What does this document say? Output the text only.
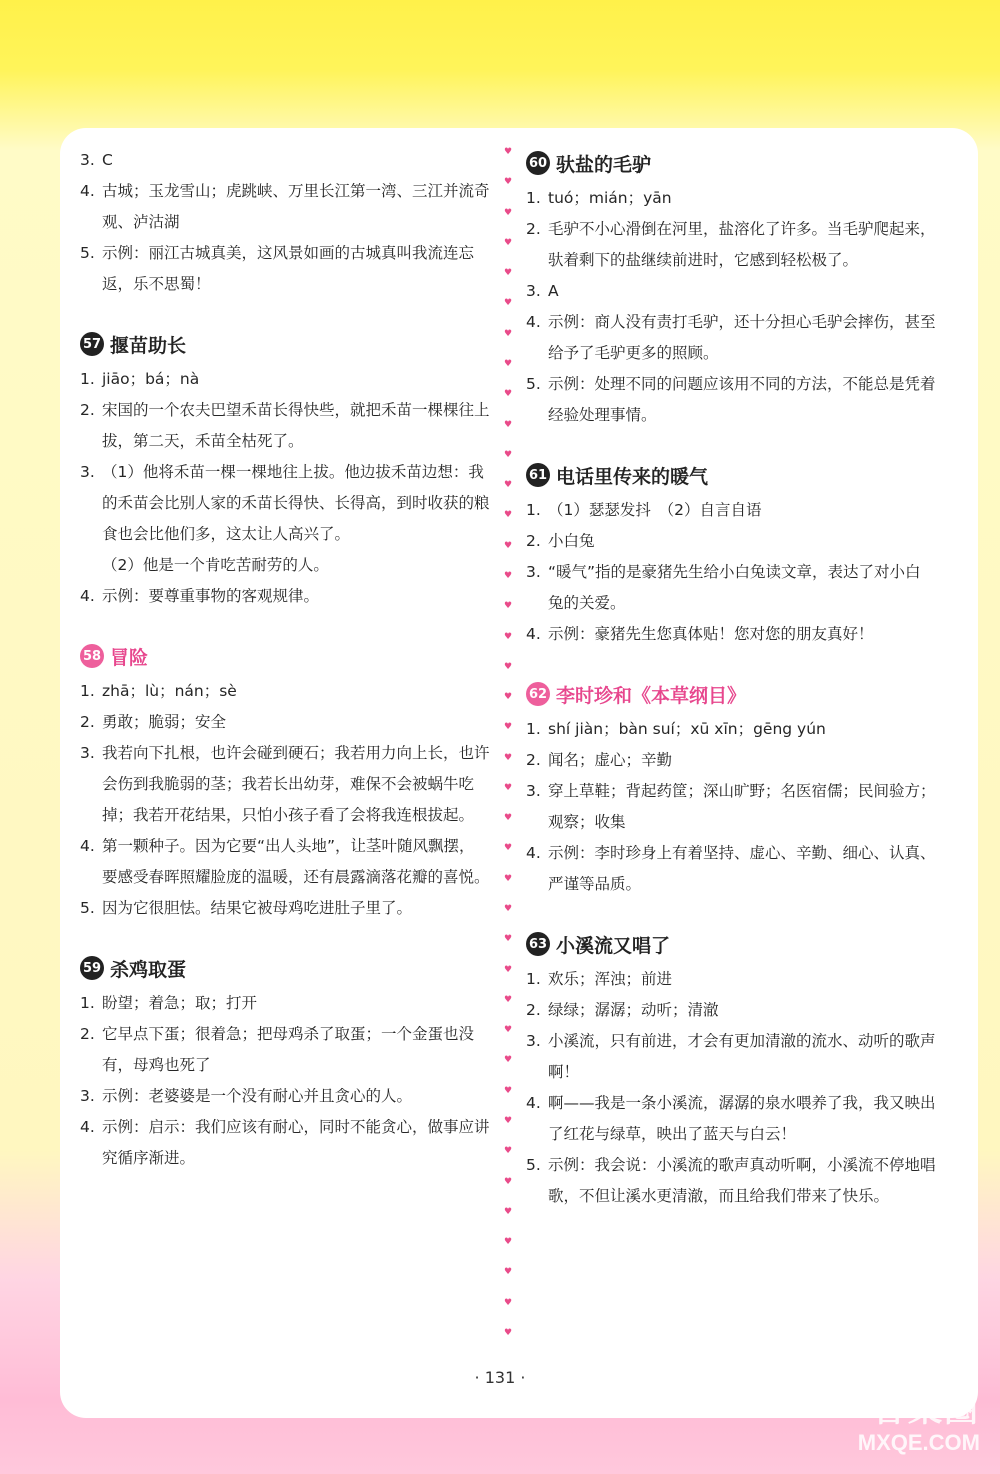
3. C
4. 古城；玉龙雪山；虎跳峡、万里长江第一湾、三江并流奇观、泸沽湖
5. 示例：丽江古城真美，这风景如画的古城真叫我流连忘返，乐不思蜀！
57 揠苗助长
1. jiāo；bá；nà
2. 宋国的一个农夫巴望禾苗长得快些，就把禾苗一棵棵往上拔，第二天，禾苗全枯死了。
3. （1）他将禾苗一棵一棵地往上拔。他边拔禾苗边想：我的禾苗会比别人家的禾苗长得快、长得高，到时收获的粮食也会比他们多，这太让人高兴了。
（2）他是一个肯吃苦耐劳的人。
4. 示例：要尊重事物的客观规律。
58 冒险
1. zhā；lù；nán；sè
2. 勇敢；脆弱；安全
3. 我若向下扎根，也许会碰到硬石；我若用力向上长，也许会伤到我脆弱的茎；我若长出幼芽，难保不会被蜗牛吃掉；我若开花结果，只怕小孩子看了会将我连根拔起。
4. 第一颗种子。因为它要“出人头地”，让茎叶随风飘摆，要感受春晖照耀脸庞的温暖，还有晨露滴落花瓣的喜悦。
5. 因为它很胆怯。结果它被母鸡吃进肚子里了。
59 杀鸡取蛋
1. 盼望；着急；取；打开
2. 它早点下蛋；很着急；把母鸡杀了取蛋；一个金蛋也没有，母鸡也死了
3. 示例：老婆婆是一个没有耐心并且贪心的人。
4. 示例：启示：我们应该有耐心，同时不能贪心，做事应讲究循序渐进。
♥
♥
♥
♥
♥
♥
♥
♥
♥
♥
♥
♥
♥
♥
♥
♥
♥
♥
♥
♥
♥
♥
♥
♥
♥
♥
♥
♥
♥
♥
♥
♥
♥
♥
♥
♥
♥
♥
♥
♥
60 驮盐的毛驴
1. tuó；mián；yān
2. 毛驴不小心滑倒在河里，盐溶化了许多。当毛驴爬起来，驮着剩下的盐继续前进时，它感到轻松极了。
3. A
4. 示例：商人没有责打毛驴，还十分担心毛驴会摔伤，甚至给予了毛驴更多的照顾。
5. 示例：处理不同的问题应该用不同的方法，不能总是凭着经验处理事情。
61 电话里传来的暖气
1. （1）瑟瑟发抖　（2）自言自语
2. 小白兔
3. “暖气”指的是豪猪先生给小白兔读文章，表达了对小白兔的关爱。
4. 示例：豪猪先生您真体贴！您对您的朋友真好！
62 李时珍和《本草纲目》
1. shí jiàn；bàn suí；xū xīn；gēng yún
2. 闻名；虚心；辛勤
3. 穿上草鞋；背起药筐；深山旷野；名医宿儒；民间验方；观察；收集
4. 示例：李时珍身上有着坚持、虚心、辛勤、细心、认真、严谨等品质。
63 小溪流又唱了
1. 欢乐；浑浊；前进
2. 绿绿；潺潺；动听；清澈
3. 小溪流，只有前进，才会有更加清澈的流水、动听的歌声啊！
4. 啊——我是一条小溪流，潺潺的泉水喂养了我，我又映出了红花与绿草，映出了蓝天与白云！
5. 示例：我会说：小溪流的歌声真动听啊，小溪流不停地唱歌，不但让溪水更清澈，而且给我们带来了快乐。
· 131 ·
答案圈
MXQE.COM
